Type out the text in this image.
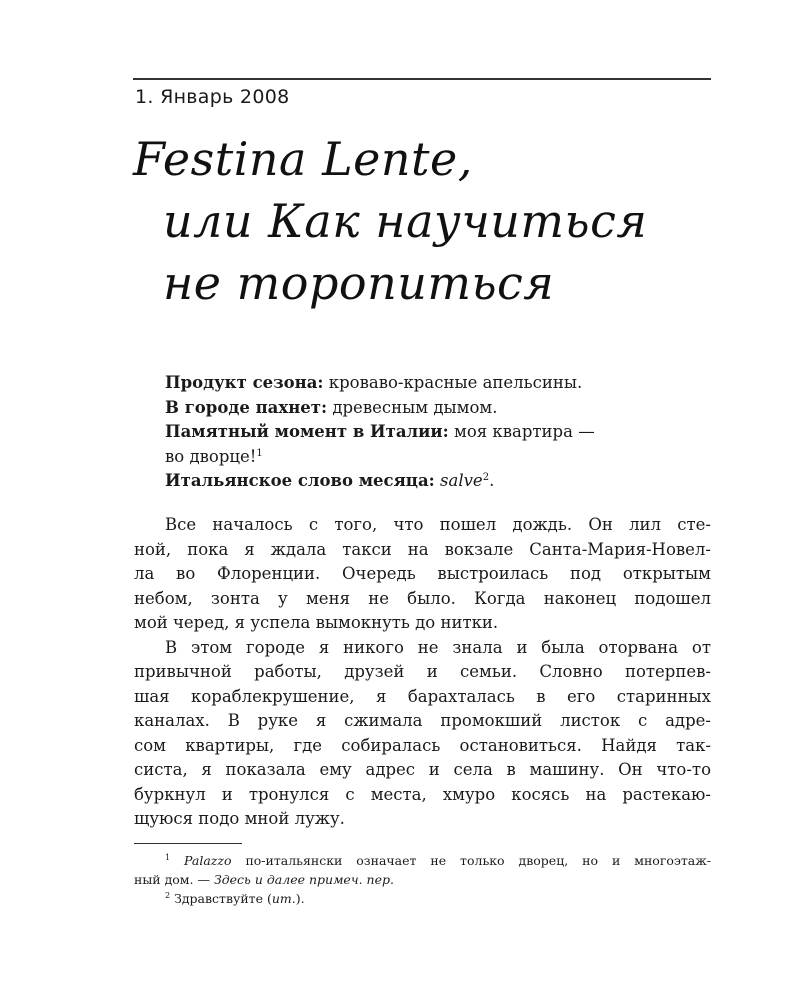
1. Январь 2008
Festina Lente,
или Как научиться
не торопиться

Продукт сезона: кроваво-красные апельсины.

В городе пахнет: древесным дымом.

Памятный момент в Италии: моя квартира —

во дворце!$^1$

Итальянское слово месяца: salve$^2$.

Все началось с того, что пошел дождь. Он лил сте-
ной, пока я ждала такси на вокзале Санта-Мария-Новел-
ла во Флоренции. Очередь выстроилась под открытым
небом, зонта у меня не было. Когда наконец подошел
мой черед, я успела вымокнуть до нитки.
В этом городе я никого не знала и была оторвана от
привычной работы, друзей и семьи. Словно потерпев-
шая кораблекрушение, я барахталась в его старинных
каналах. В руке я сжимала промокший листок с адре-
сом квартиры, где собиралась остановиться. Найдя так-
систа, я показала ему адрес и села в машину. Он что-то
буркнул и тронулся с места, хмуро косясь на растекаю-
щуюся подо мной лужу.
$^1$ Palazzo по-итальянски означает не только дворец, но и многоэтаж-
ный дом. — Здесь и далее примеч. пер.
$^2$ Здравствуйте (ит.).
